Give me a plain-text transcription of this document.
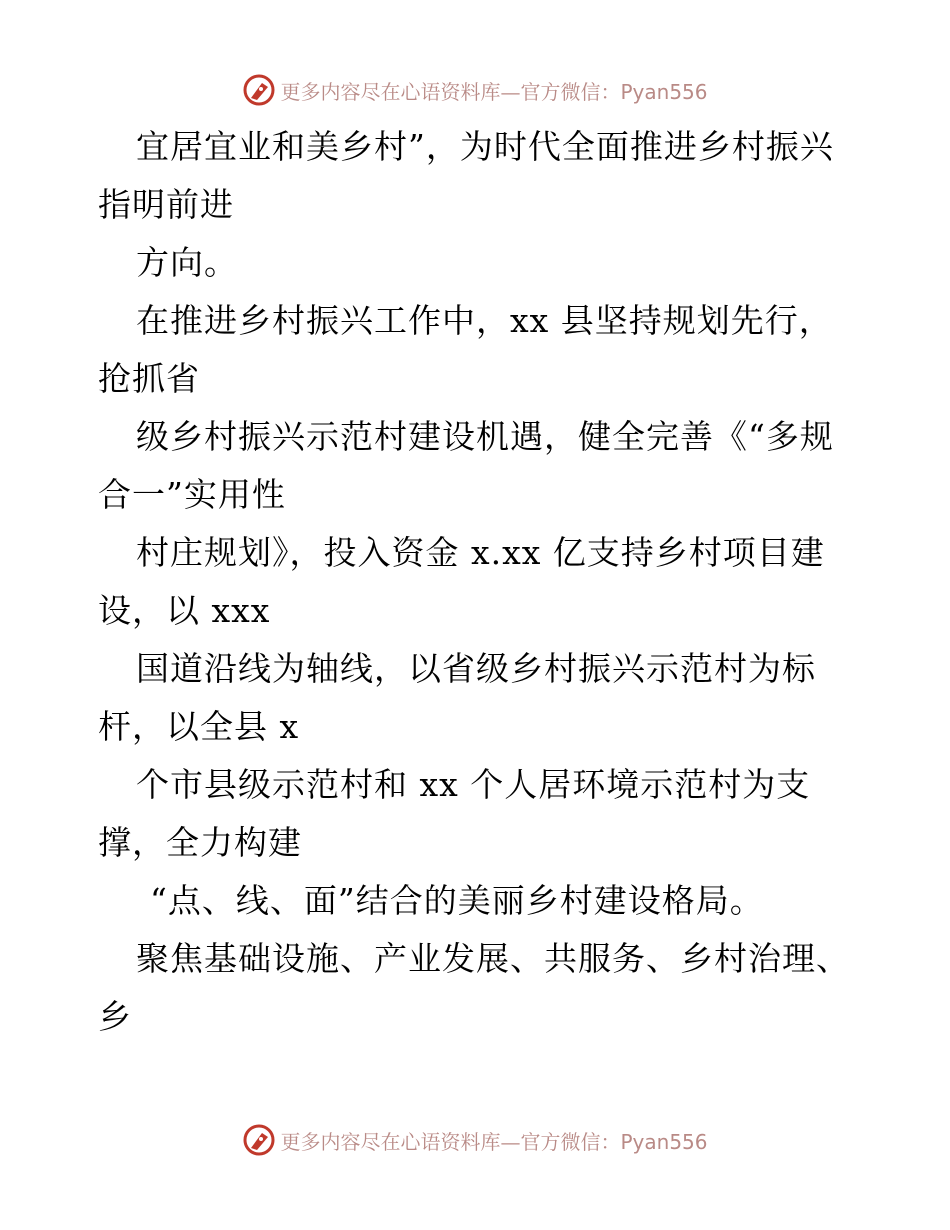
更多内容尽在心语资料库—官方微信：Pyan556
宜居宜业和美乡村”，为时代全面推进乡村振兴
指明前进
方向。
在推进乡村振兴工作中，xx 县坚持规划先行，
抢抓省
级乡村振兴示范村建设机遇，健全完善《“多规
合一”实用性
村庄规划》，投入资金 x.xx 亿支持乡村项目建
设，以 xxx
国道沿线为轴线，以省级乡村振兴示范村为标
杆，以全县 x
个市县级示范村和 xx 个人居环境示范村为支
撑，全力构建
“点、线、面”结合的美丽乡村建设格局。
聚焦基础设施、产业发展、共服务、乡村治理、
乡
更多内容尽在心语资料库—官方微信：Pyan556
